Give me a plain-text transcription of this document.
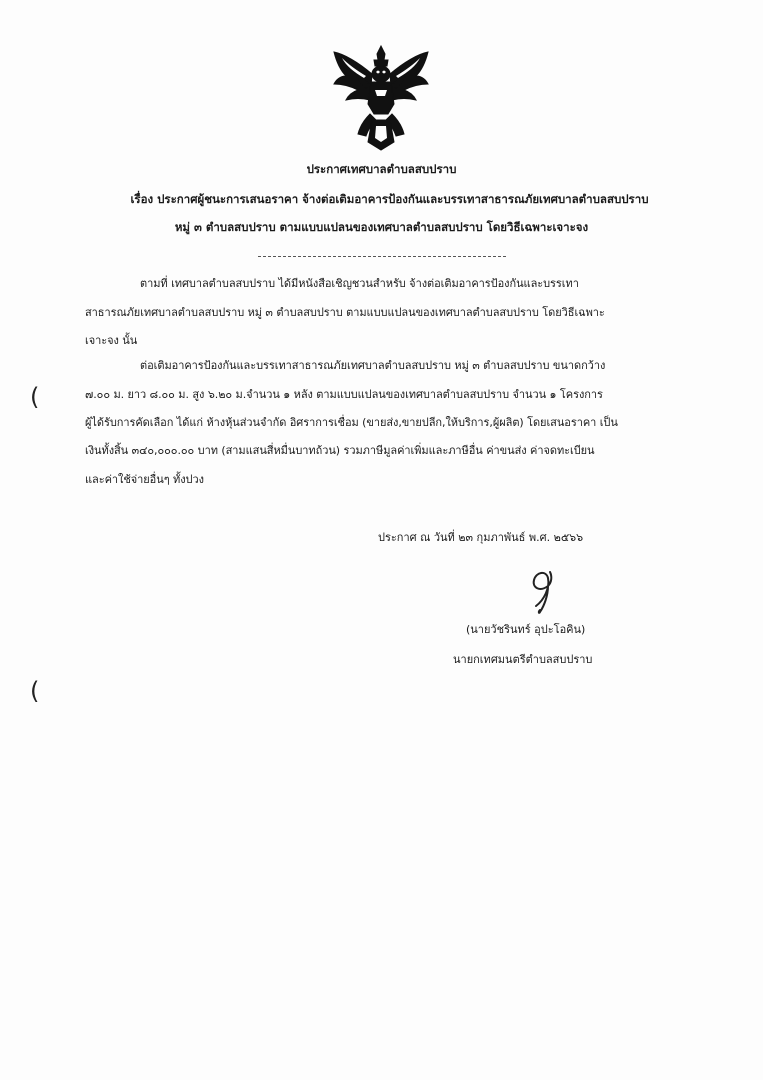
ประกาศเทศบาลตำบลสบปราบ
เรื่อง ประกาศผู้ชนะการเสนอราคา จ้างต่อเติมอาคารป้องกันและบรรเทาสาธารณภัยเทศบาลตำบลสบปราบ
หมู่ ๓ ตำบลสบปราบ ตามแบบแปลนของเทศบาลตำบลสบปราบ โดยวิธีเฉพาะเจาะจง
ตามที่ เทศบาลตำบลสบปราบ ได้มีหนังสือเชิญชวนสำหรับ จ้างต่อเติมอาคารป้องกันและบรรเทา
สาธารณภัยเทศบาลตำบลสบปราบ หมู่ ๓ ตำบลสบปราบ ตามแบบแปลนของเทศบาลตำบลสบปราบ โดยวิธีเฉพาะ
เจาะจง นั้น
ต่อเติมอาคารป้องกันและบรรเทาสาธารณภัยเทศบาลตำบลสบปราบ หมู่ ๓ ตำบลสบปราบ ขนาดกว้าง
๗.๐๐ ม. ยาว ๘.๐๐ ม. สูง ๖.๒๐ ม.จำนวน ๑ หลัง ตามแบบแปลนของเทศบาลตำบลสบปราบ จำนวน ๑ โครงการ
ผู้ได้รับการคัดเลือก ได้แก่ ห้างหุ้นส่วนจำกัด อิศราการเชื่อม (ขายส่ง,ขายปลีก,ให้บริการ,ผู้ผลิต) โดยเสนอราคา เป็น
เงินทั้งสิ้น ๓๔๐,๐๐๐.๐๐ บาท (สามแสนสี่หมื่นบาทถ้วน) รวมภาษีมูลค่าเพิ่มและภาษีอื่น ค่าขนส่ง ค่าจดทะเบียน
และค่าใช้จ่ายอื่นๆ ทั้งปวง
(
(
ประกาศ ณ วันที่ ๒๓ กุมภาพันธ์ พ.ศ. ๒๕๖๖
(นายวัชรินทร์ อุปะโอคิน)
นายกเทศมนตรีตำบลสบปราบ
